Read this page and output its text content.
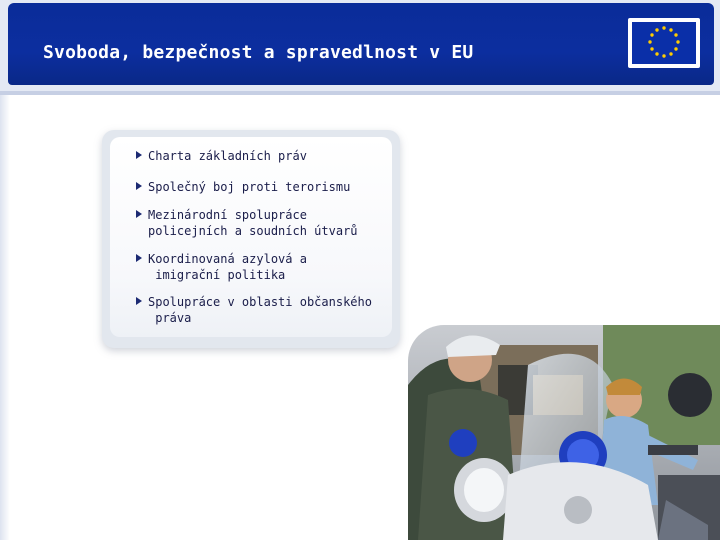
Svoboda, bezpečnost a spravedlnost v EU
Charta základních práv
Společný boj proti terorismu
Mezinárodní spolupráce
policejních a soudních útvarů
Koordinovaná azylová a
imigrační politika
Spolupráce v oblasti občanského
práva
